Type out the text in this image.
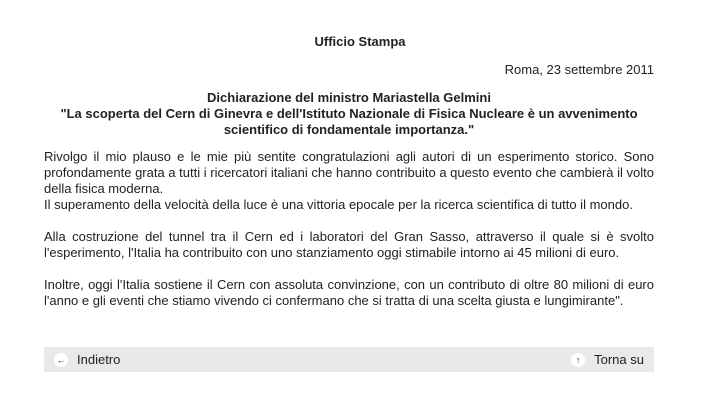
Ufficio Stampa
Roma, 23 settembre 2011
Dichiarazione del ministro Mariastella Gelmini
"La scoperta del Cern di Ginevra e dell'Istituto Nazionale di Fisica Nucleare è un avvenimento scientifico di fondamentale importanza."

Rivolgo il mio plauso e le mie più sentite congratulazioni agli autori di un esperimento storico. Sono profondamente grata a tutti i ricercatori italiani che hanno contribuito a questo evento che cambierà il volto della fisica moderna.

Il superamento della velocità della luce è una vittoria epocale per la ricerca scientifica di tutto il mondo.

Alla costruzione del tunnel tra il Cern ed i laboratori del Gran Sasso, attraverso il quale si è svolto l'esperimento, l'Italia ha contribuito con uno stanziamento oggi stimabile intorno ai 45 milioni di euro.

Inoltre, oggi l'Italia sostiene il Cern con assoluta convinzione, con un contributo di oltre 80 milioni di euro l'anno e gli eventi che stiamo vivendo ci confermano che si tratta di una scelta giusta e lungimirante".

← Indietro	↑	Torna su
